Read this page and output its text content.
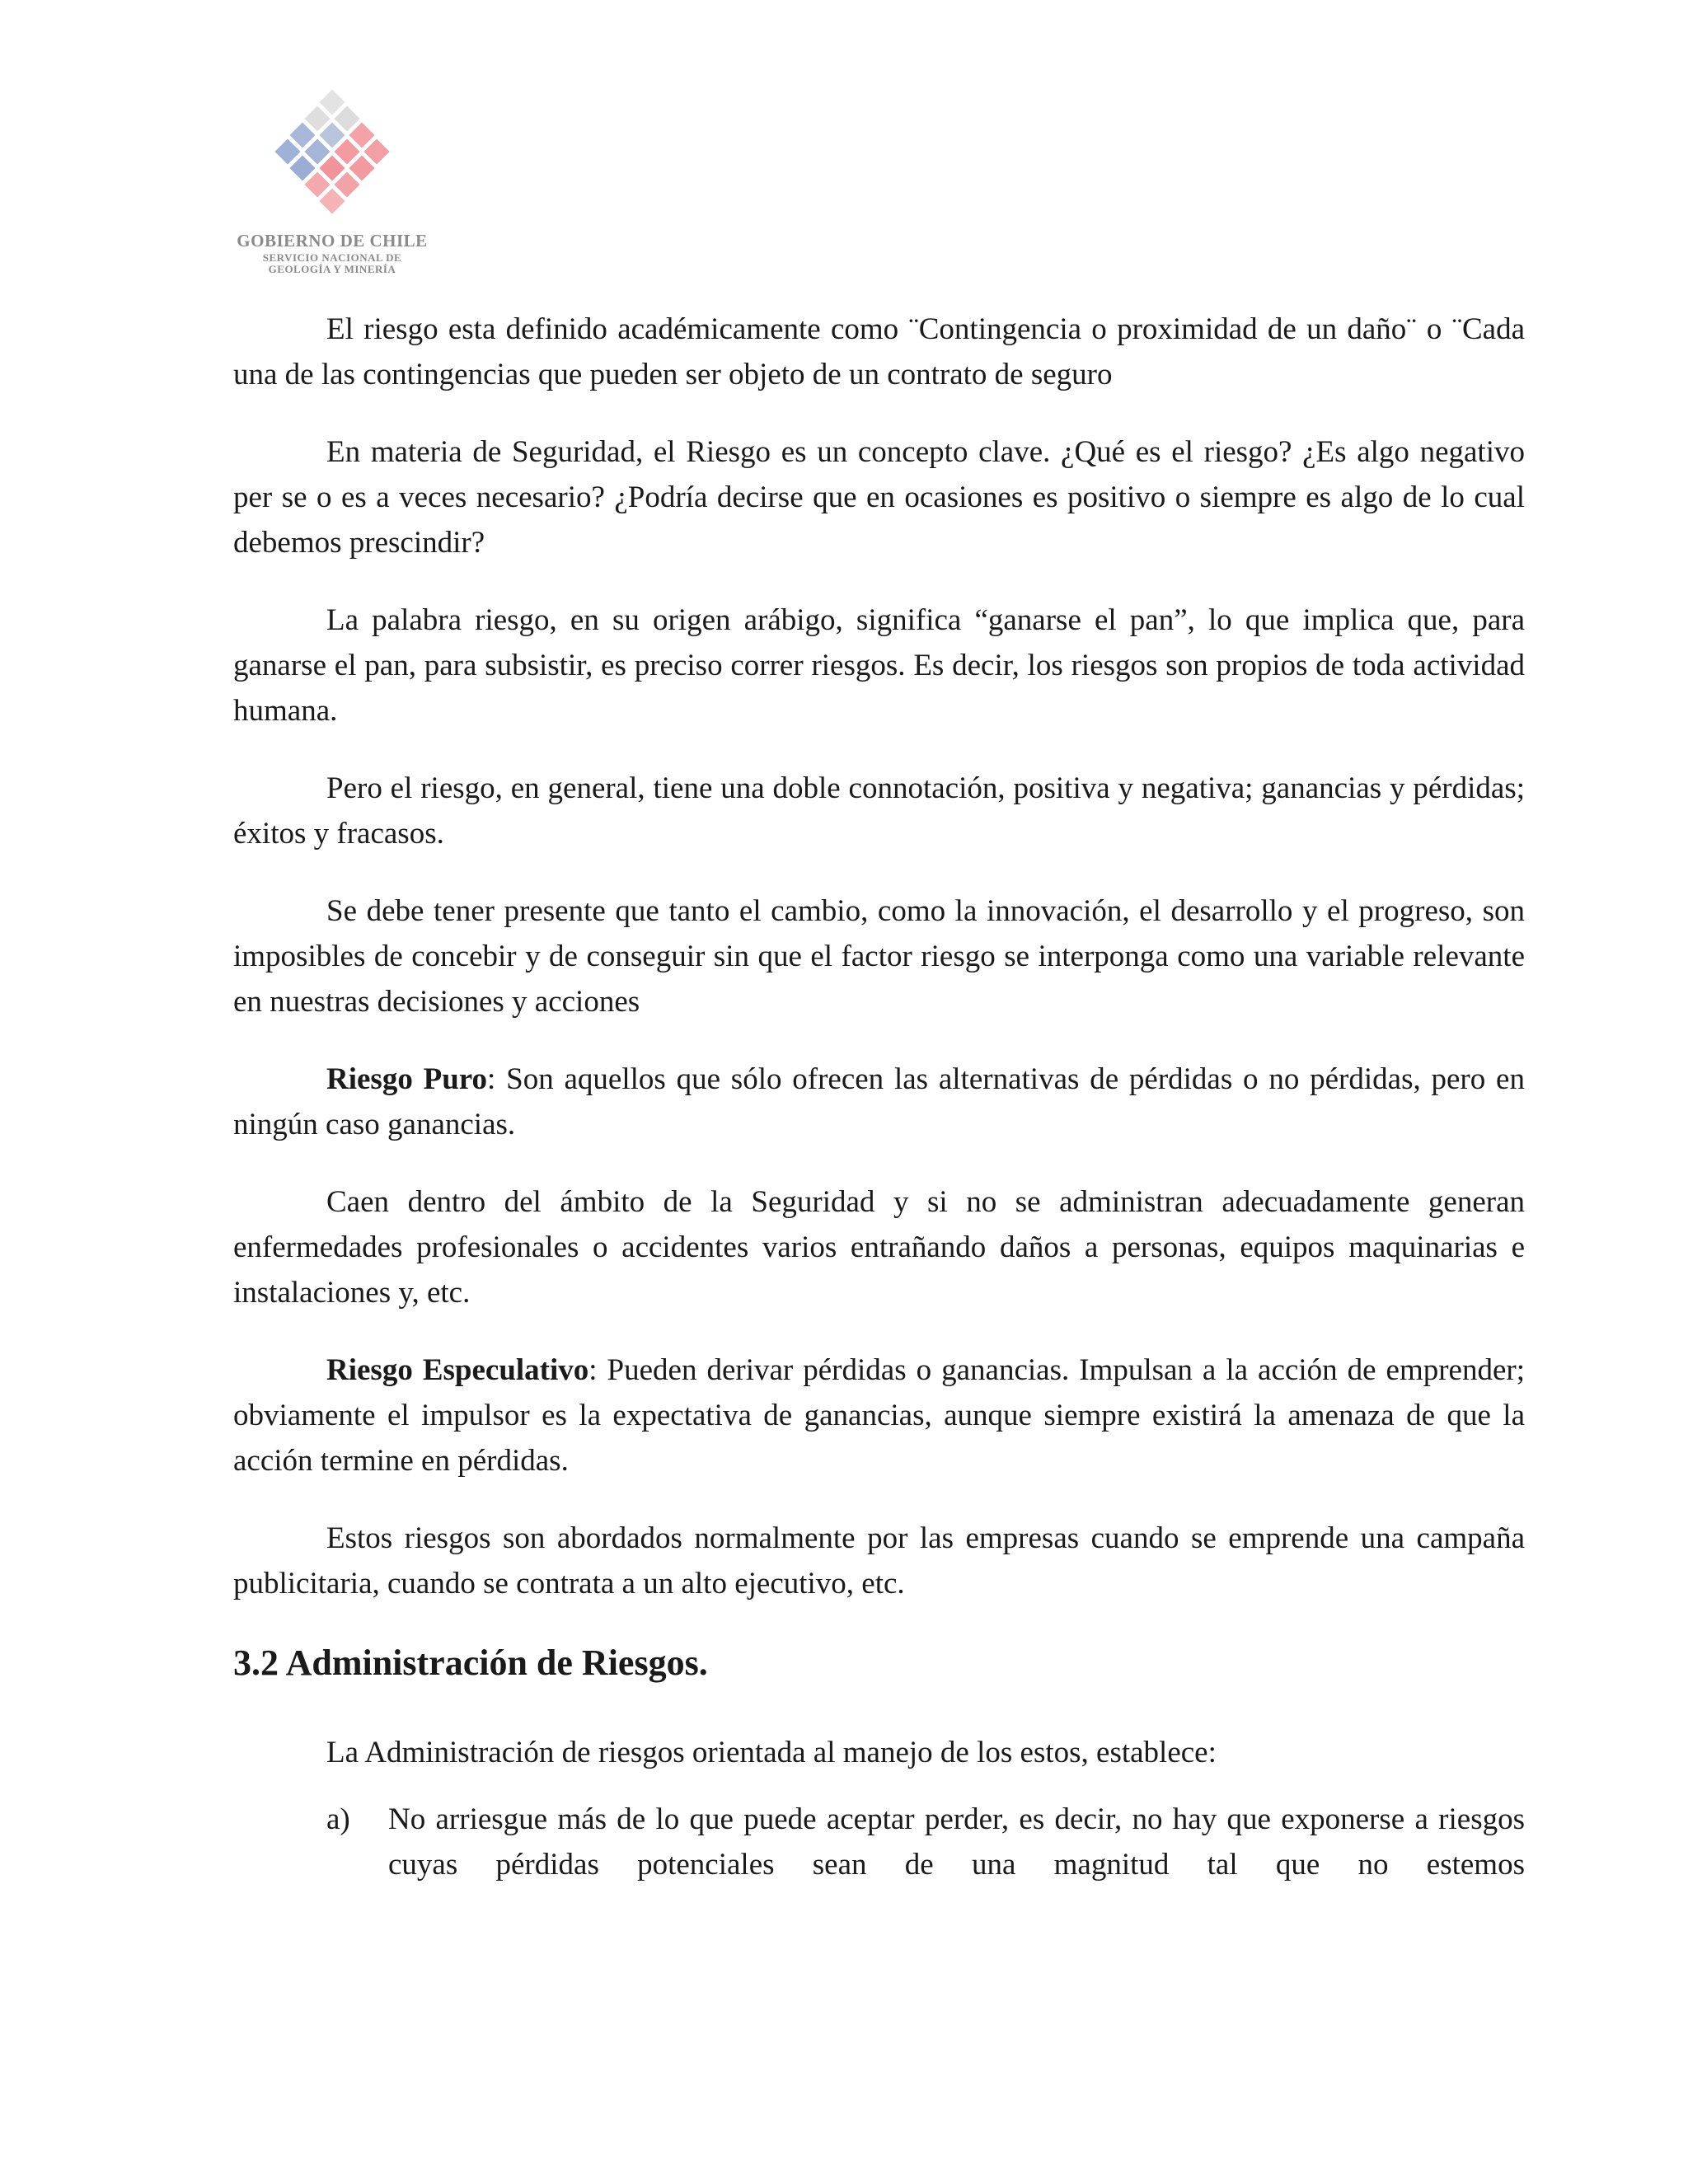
GOBIERNO DE CHILE
SERVICIO NACIONAL DE
GEOLOGÍA Y MINERÍA

El riesgo esta definido académicamente como ¨Contingencia o proximidad de un daño¨ o ¨Cada una de las contingencias que pueden ser objeto de un contrato de seguro

En materia de Seguridad, el Riesgo es un concepto clave. ¿Qué es el riesgo? ¿Es algo negativo per se o es a veces necesario? ¿Podría decirse que en ocasiones es positivo o siempre es algo de lo cual debemos prescindir?

La palabra riesgo, en su origen arábigo, significa “ganarse el pan”, lo que implica que, para ganarse el pan, para subsistir, es preciso correr riesgos. Es decir, los riesgos son propios de toda actividad humana.

Pero el riesgo, en general, tiene una doble connotación, positiva y negativa; ganancias y pérdidas; éxitos y fracasos.

Se debe tener presente que tanto el cambio, como la innovación, el desarrollo y el progreso, son imposibles de concebir y de conseguir sin que el factor riesgo se interponga como una variable relevante en nuestras decisiones y acciones

Riesgo Puro: Son aquellos que sólo ofrecen las alternativas de pérdidas o no pérdidas, pero en ningún caso ganancias.

Caen dentro del ámbito de la Seguridad y si no se administran adecuadamente generan enfermedades profesionales o accidentes varios entrañando daños a personas, equipos maquinarias e instalaciones y, etc.

Riesgo Especulativo: Pueden derivar pérdidas o ganancias. Impulsan a la acción de emprender; obviamente el impulsor es la expectativa de ganancias, aunque siempre existirá la amenaza de que la acción termine en pérdidas.

Estos riesgos son abordados normalmente por las empresas cuando se emprende una campaña publicitaria, cuando se contrata a un alto ejecutivo, etc.

3.2 Administración de Riesgos.

La Administración de riesgos orientada al manejo de los estos, establece:

a)	No arriesgue más de lo que puede aceptar perder, es decir, no hay que exponerse a riesgos cuyas pérdidas potenciales sean de una magnitud tal que no estemos
